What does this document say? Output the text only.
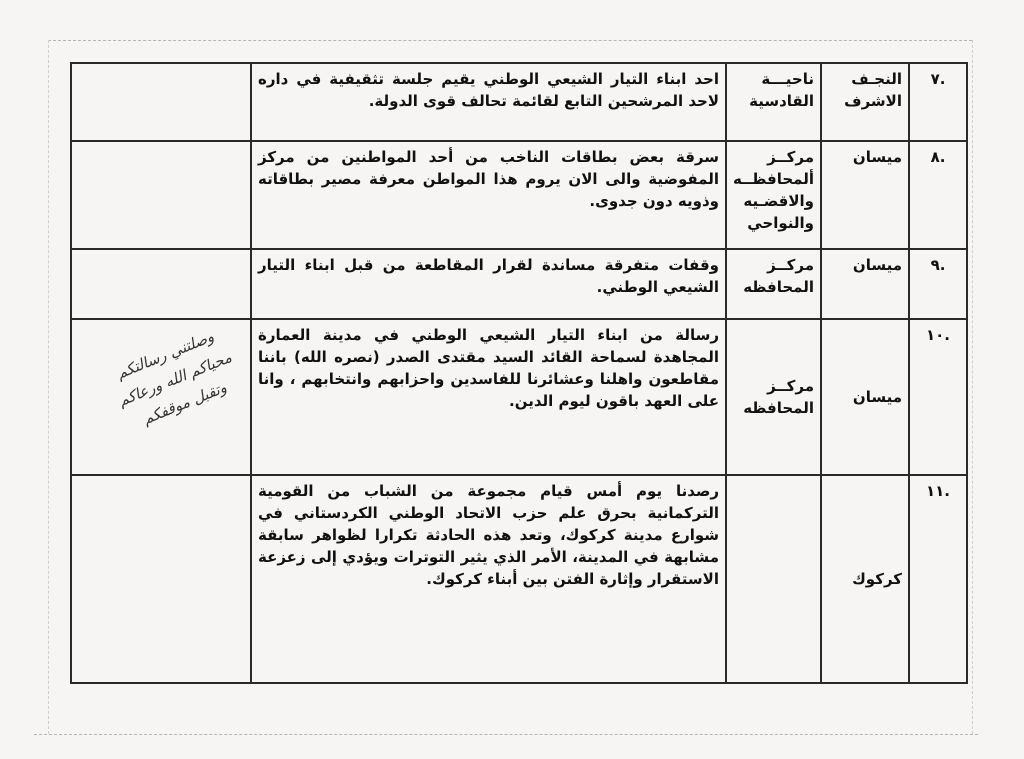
.٧	النجـف الاشرف	ناحيـــة القادسية	احد ابناء التيار الشيعي الوطني يقيم جلسة تثقيفية في داره لاحد المرشحين التابع لقائمة تحالف قوى الدولة.	
.٨	ميسان	مركــز ألمحافظــه والاقضـيه والنواحي	سرقة بعض بطاقات الناخب من أحد المواطنين من مركز المفوضية والى الان يروم هذا المواطن معرفة مصير بطاقاته وذويه دون جدوى.	
.٩	ميسان	مركــز المحافظه	وقفات متفرقة مساندة لقرار المقاطعة من قبل ابناء التيار الشيعي الوطني.	
.١٠	ميسان	مركــز المحافظه	رسالة من ابناء التيار الشيعي الوطني في مدينة العمارة المجاهدة لسماحة القائد السيد مقتدى الصدر (نصره الله) باننا مقاطعون واهلنا وعشائرنا للفاسدين واحزابهم وانتخابهم ، وانا على العهد باقون ليوم الدين.	وصلتني رسالتكم محياكم الله ورعاكم وتقبل موقفكم

.١١	كركوك		رصدنا يوم أمس قيام مجموعة من الشباب من القومية التركمانية بحرق علم حزب الاتحاد الوطني الكردستاني في شوارع مدينة كركوك، وتعد هذه الحادثة تكرارا لظواهر سابقة مشابهة في المدينة، الأمر الذي يثير التوترات ويؤدي إلى زعزعة الاستقرار وإثارة الفتن بين أبناء كركوك.	
